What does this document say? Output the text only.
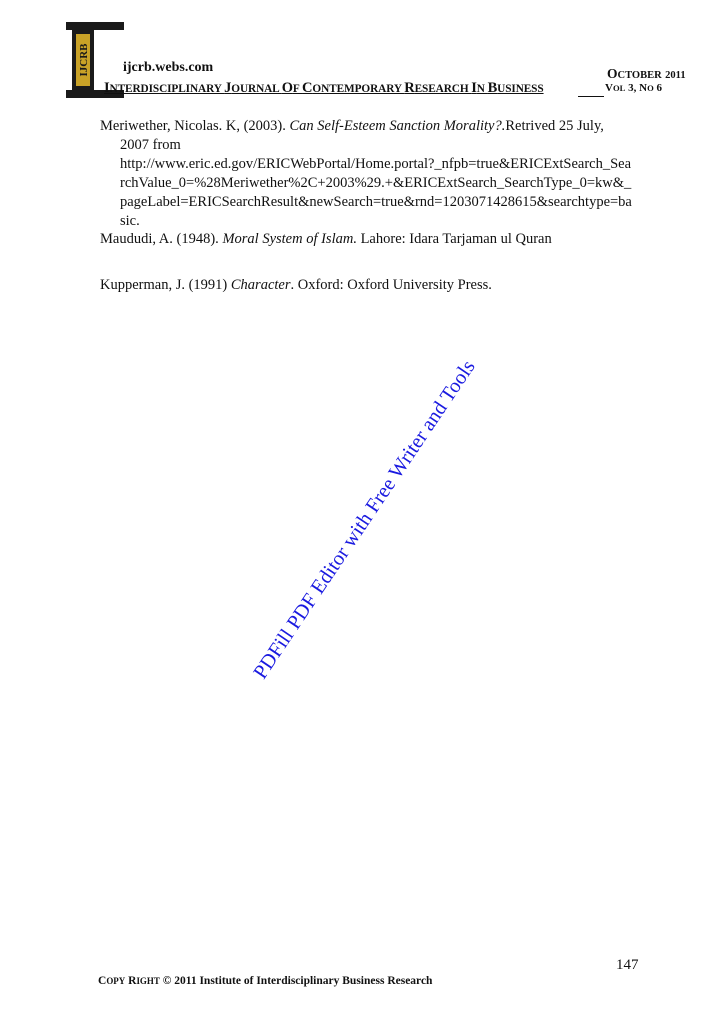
IJCRB ijcrb.webs.com
INTERDISCIPLINARY JOURNAL OF CONTEMPORARY RESEARCH IN BUSINESS
OCTOBER 2011
VOL 3, NO 6
Meriwether, Nicolas. K, (2003). Can Self-Esteem Sanction Morality?.Retrived 25 July,
2007 from
http://www.eric.ed.gov/ERICWebPortal/Home.portal?_nfpb=true&ERICExtSearch_Sea
rchValue_0=%28Meriwether%2C+2003%29.+&ERICExtSearch_SearchType_0=kw&_
pageLabel=ERICSearchResult&newSearch=true&rnd=1203071428615&searchtype=ba
sic.
Maududi, A. (1948). Moral System of Islam. Lahore: Idara Tarjaman ul Quran
Kupperman, J. (1991) Character. Oxford: Oxford University Press.
PDFill PDF Editor with Free Writer and Tools
147
COPY RIGHT © 2011 Institute of Interdisciplinary Business Research
